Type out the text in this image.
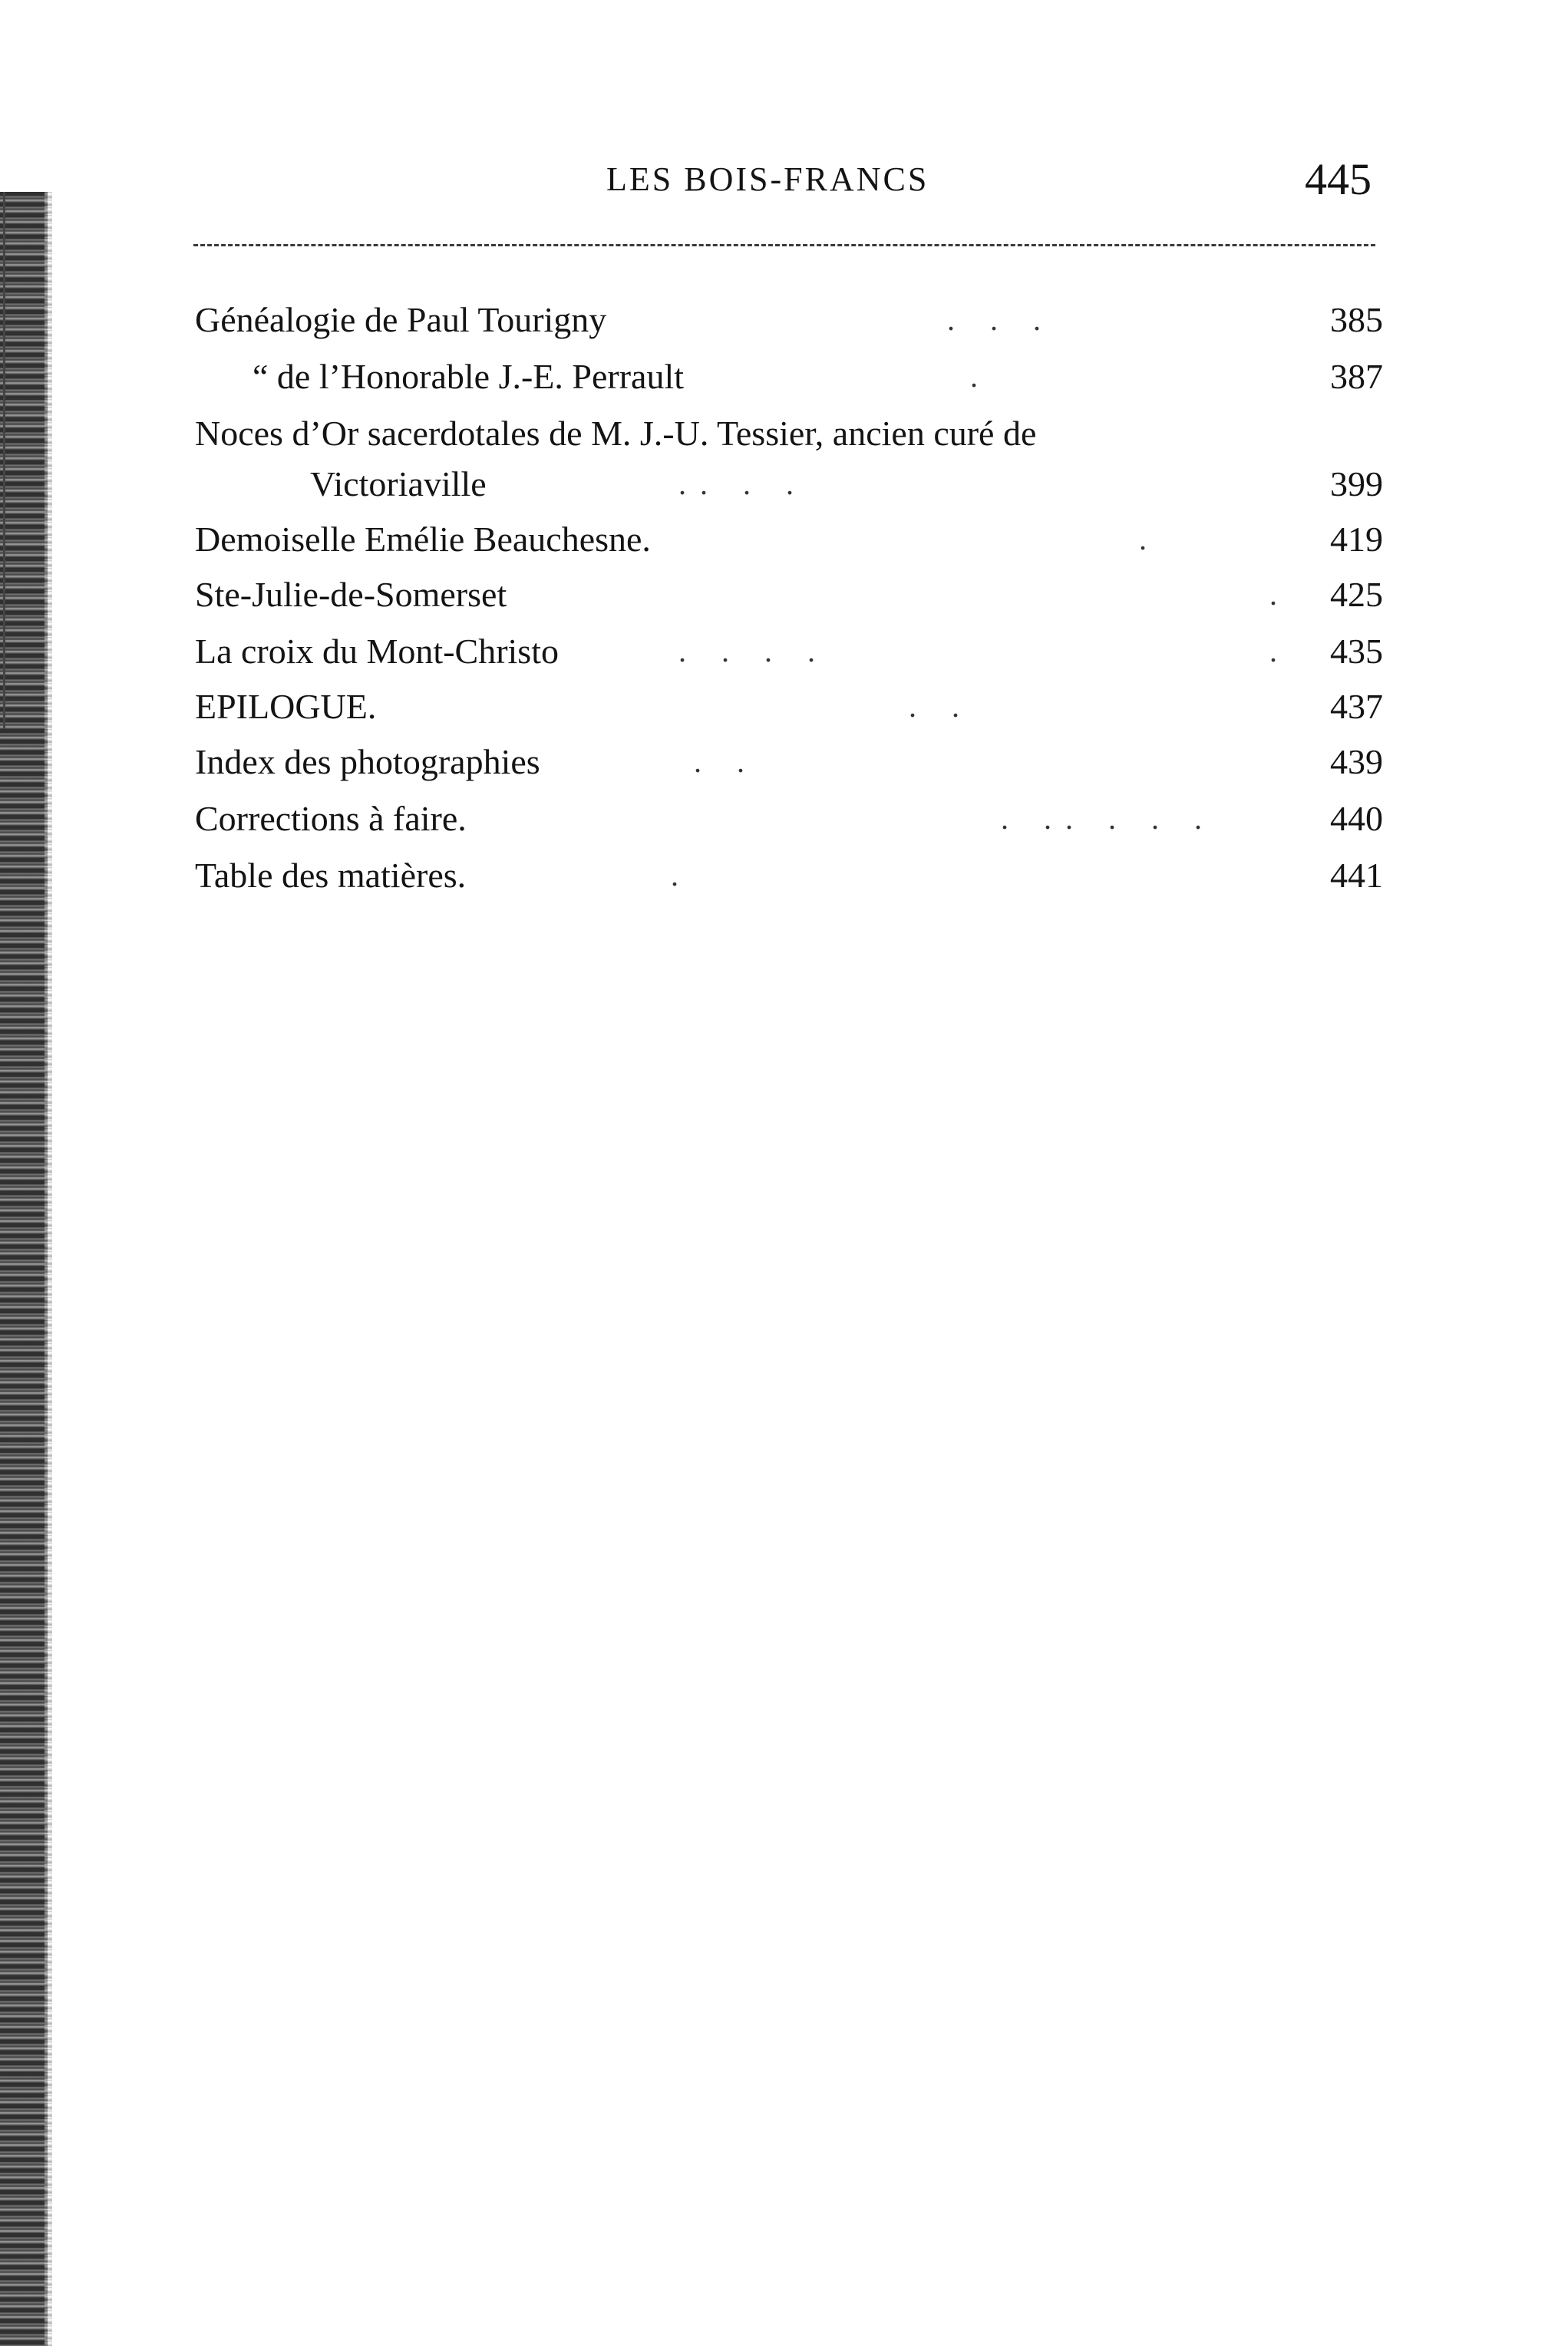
LES BOIS-FRANCS	445
Généalogie de Paul Tourigny	. . .	385
“ de l’Honorable J.-E. Perrault	.	387
Noces d’Or sacerdotales de M. J.-U. Tessier, ancien curé de
Victoriaville	.. . .	399
Demoiselle Emélie Beauchesne.	.	419
Ste-Julie-de-Somerset	. 425
La croix du Mont-Christo	. . . .	. 435
EPILOGUE.	. .	437
Index des photographies	. .	439
Corrections à faire.	. .. . . .	440
Table des matières.	.	441
